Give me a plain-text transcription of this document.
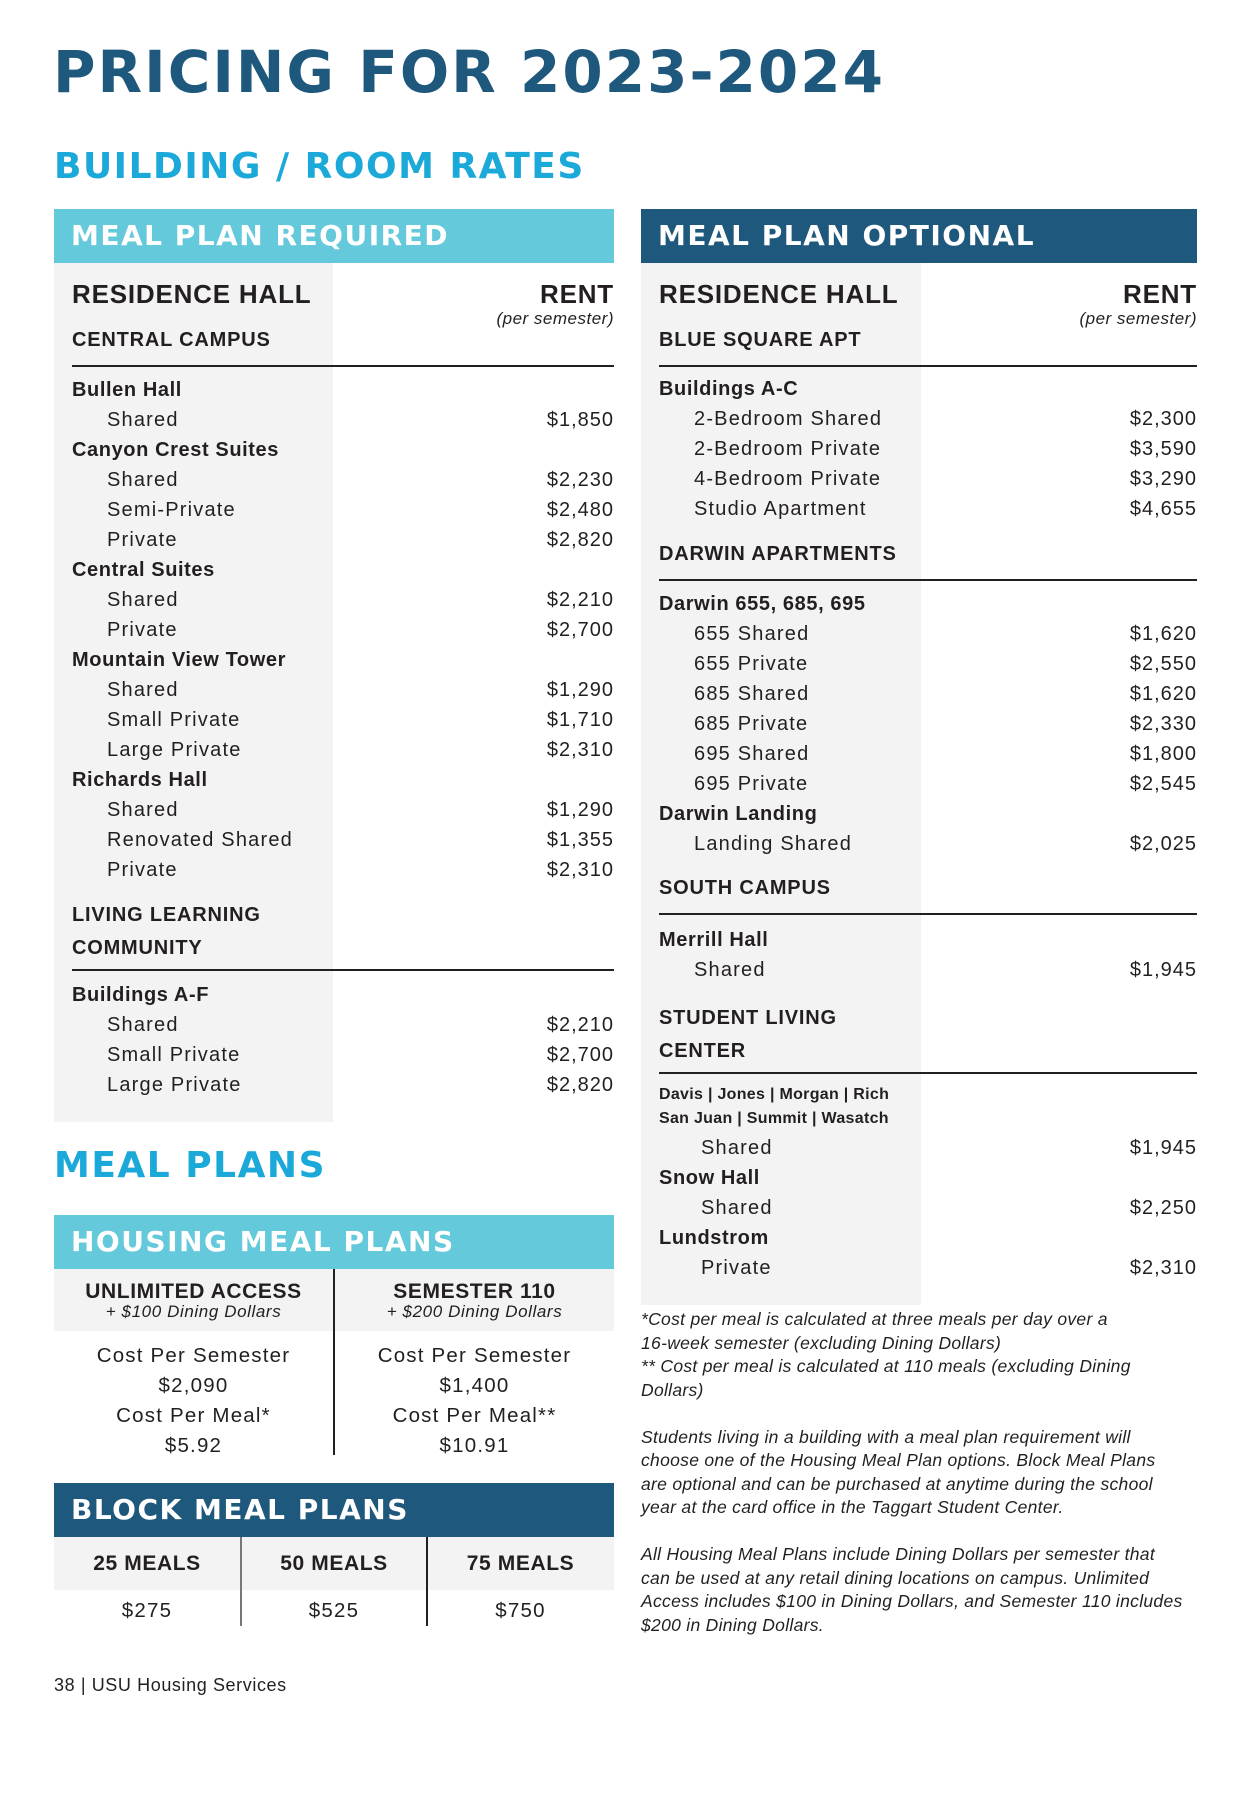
PRICING FOR 2023-2024
BUILDING / ROOM RATES
MEAL PLAN REQUIRED
RESIDENCE HALL	RENT
(per semester)
CENTRAL CAMPUS
Bullen Hall
Shared	$1,850
Canyon Crest Suites
Shared	$2,230
Semi-Private	$2,480
Private	$2,820
Central Suites
Shared	$2,210
Private	$2,700
Mountain View Tower
Shared	$1,290
Small Private	$1,710
Large Private	$2,310
Richards Hall
Shared	$1,290
Renovated Shared	$1,355
Private	$2,310
LIVING LEARNING
COMMUNITY
Buildings A-F
Shared	$2,210
Small Private	$2,700
Large Private	$2,820
MEAL PLAN OPTIONAL
RESIDENCE HALL	RENT
(per semester)
BLUE SQUARE APT
Buildings A-C
2-Bedroom Shared	$2,300
2-Bedroom Private	$3,590
4-Bedroom Private	$3,290
Studio Apartment	$4,655
DARWIN APARTMENTS
Darwin 655, 685, 695
655 Shared	$1,620
655 Private	$2,550
685 Shared	$1,620
685 Private	$2,330
695 Shared	$1,800
695 Private	$2,545
Darwin Landing
Landing Shared	$2,025
SOUTH CAMPUS
Merrill Hall
Shared	$1,945
STUDENT LIVING
CENTER
Davis | Jones | Morgan | Rich
San Juan | Summit | Wasatch
Shared	$1,945
Snow Hall
Shared	$2,250
Lundstrom
Private	$2,310

*Cost per meal is calculated at three meals per day over a
16-week semester (excluding Dining Dollars)
** Cost per meal is calculated at 110 meals (excluding Dining
Dollars)

Students living in a building with a meal plan requirement will choose one of the Housing Meal Plan options. Block Meal Plans are optional and can be purchased at anytime during the school year at the card office in the Taggart Student Center.

All Housing Meal Plans include Dining Dollars per semester that can be used at any retail dining locations on campus. Unlimited Access includes $100 in Dining Dollars, and Semester 110 includes $200 in Dining Dollars.

MEAL PLANS
HOUSING MEAL PLANS
UNLIMITED ACCESS
+ $100 Dining Dollars
Cost Per Semester
$2,090
Cost Per Meal*
$5.92
SEMESTER 110
+ $200 Dining Dollars
Cost Per Semester
$1,400
Cost Per Meal**
$10.91
BLOCK MEAL PLANS
25 MEALS
$275
50 MEALS
$525
75 MEALS
$750
38 | USU Housing Services
